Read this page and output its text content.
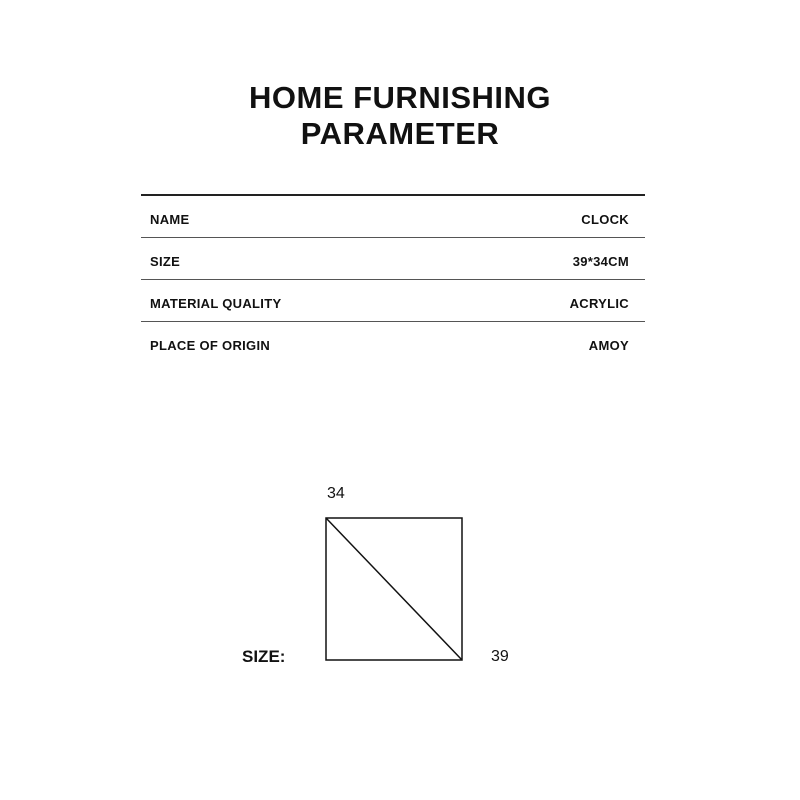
HOME FURNISHING
PARAMETER
NAME	CLOCK
SIZE	39*34CM
MATERIAL QUALITY	ACRYLIC
PLACE OF ORIGIN	AMOY
34
SIZE:	39
